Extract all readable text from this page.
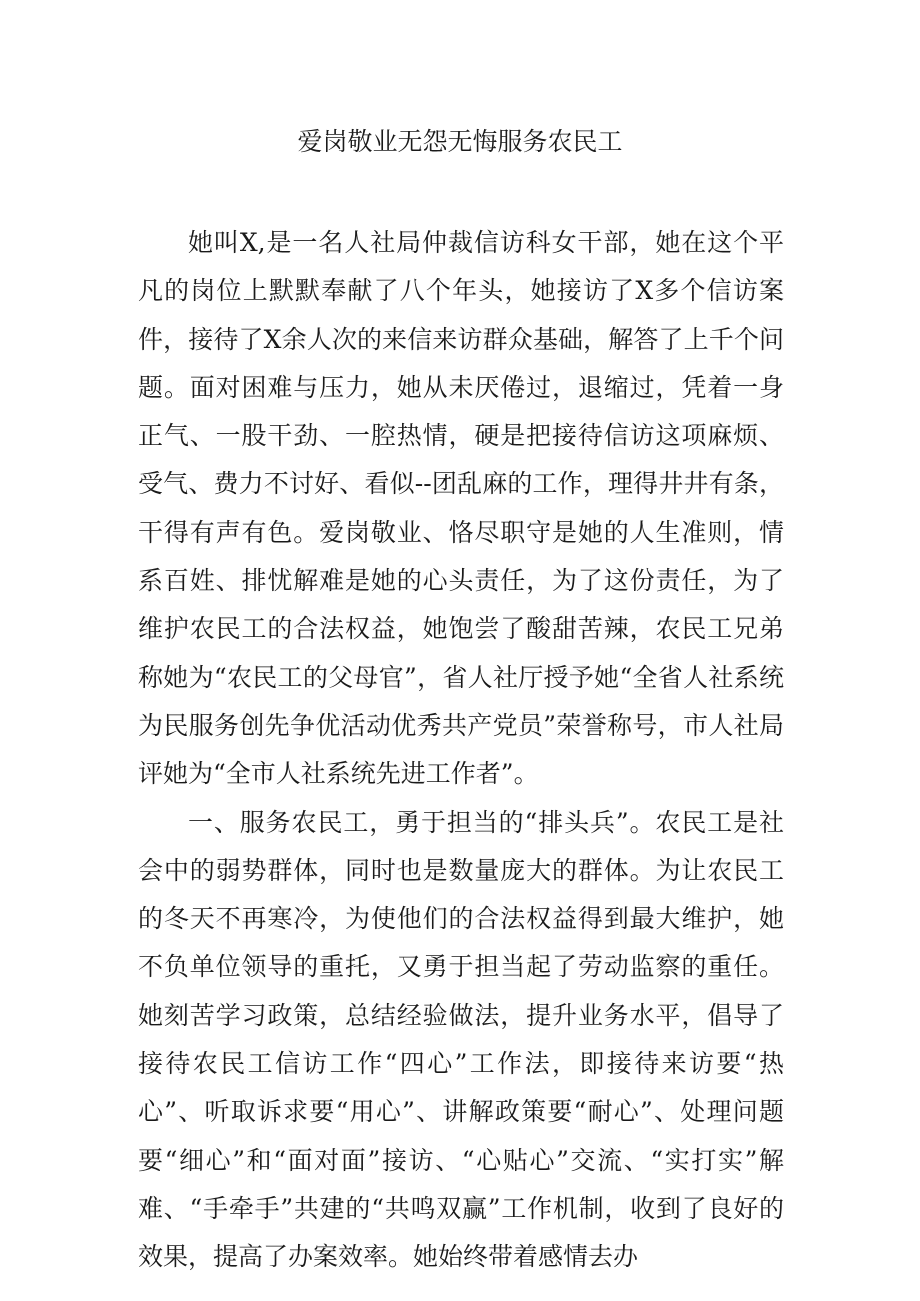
爱岗敬业无怨无悔服务农民工

她叫X,是一名人社局仲裁信访科女干部，她在这个平凡的岗位上默默奉献了八个年头，她接访了X多个信访案件，接待了X余人次的来信来访群众基础，解答了上千个问题。面对困难与压力，她从未厌倦过，退缩过，凭着一身正气、一股干劲、一腔热情，硬是把接待信访这项麻烦、受气、费力不讨好、看似--团乱麻的工作，理得井井有条，干得有声有色。爱岗敬业、恪尽职守是她的人生准则，情系百姓、排忧解难是她的心头责任，为了这份责任，为了维护农民工的合法权益，她饱尝了酸甜苦辣，农民工兄弟称她为“农民工的父母官”，省人社厅授予她“全省人社系统为民服务创先争优活动优秀共产党员”荣誉称号，市人社局评她为“全市人社系统先进工作者”。

一、服务农民工，勇于担当的“排头兵”。农民工是社会中的弱势群体，同时也是数量庞大的群体。为让农民工的冬天不再寒冷，为使他们的合法权益得到最大维护，她不负单位领导的重托，又勇于担当起了劳动监察的重任。她刻苦学习政策，总结经验做法，提升业务水平，倡导了接待农民工信访工作“四心”工作法，即接待来访要“热心”、听取诉求要“用心”、讲解政策要“耐心”、处理问题要“细心”和“面对面”接访、“心贴心”交流、“实打实”解难、“手牵手”共建的“共鸣双赢”工作机制，收到了良好的效果，提高了办案效率。她始终带着感情去办
